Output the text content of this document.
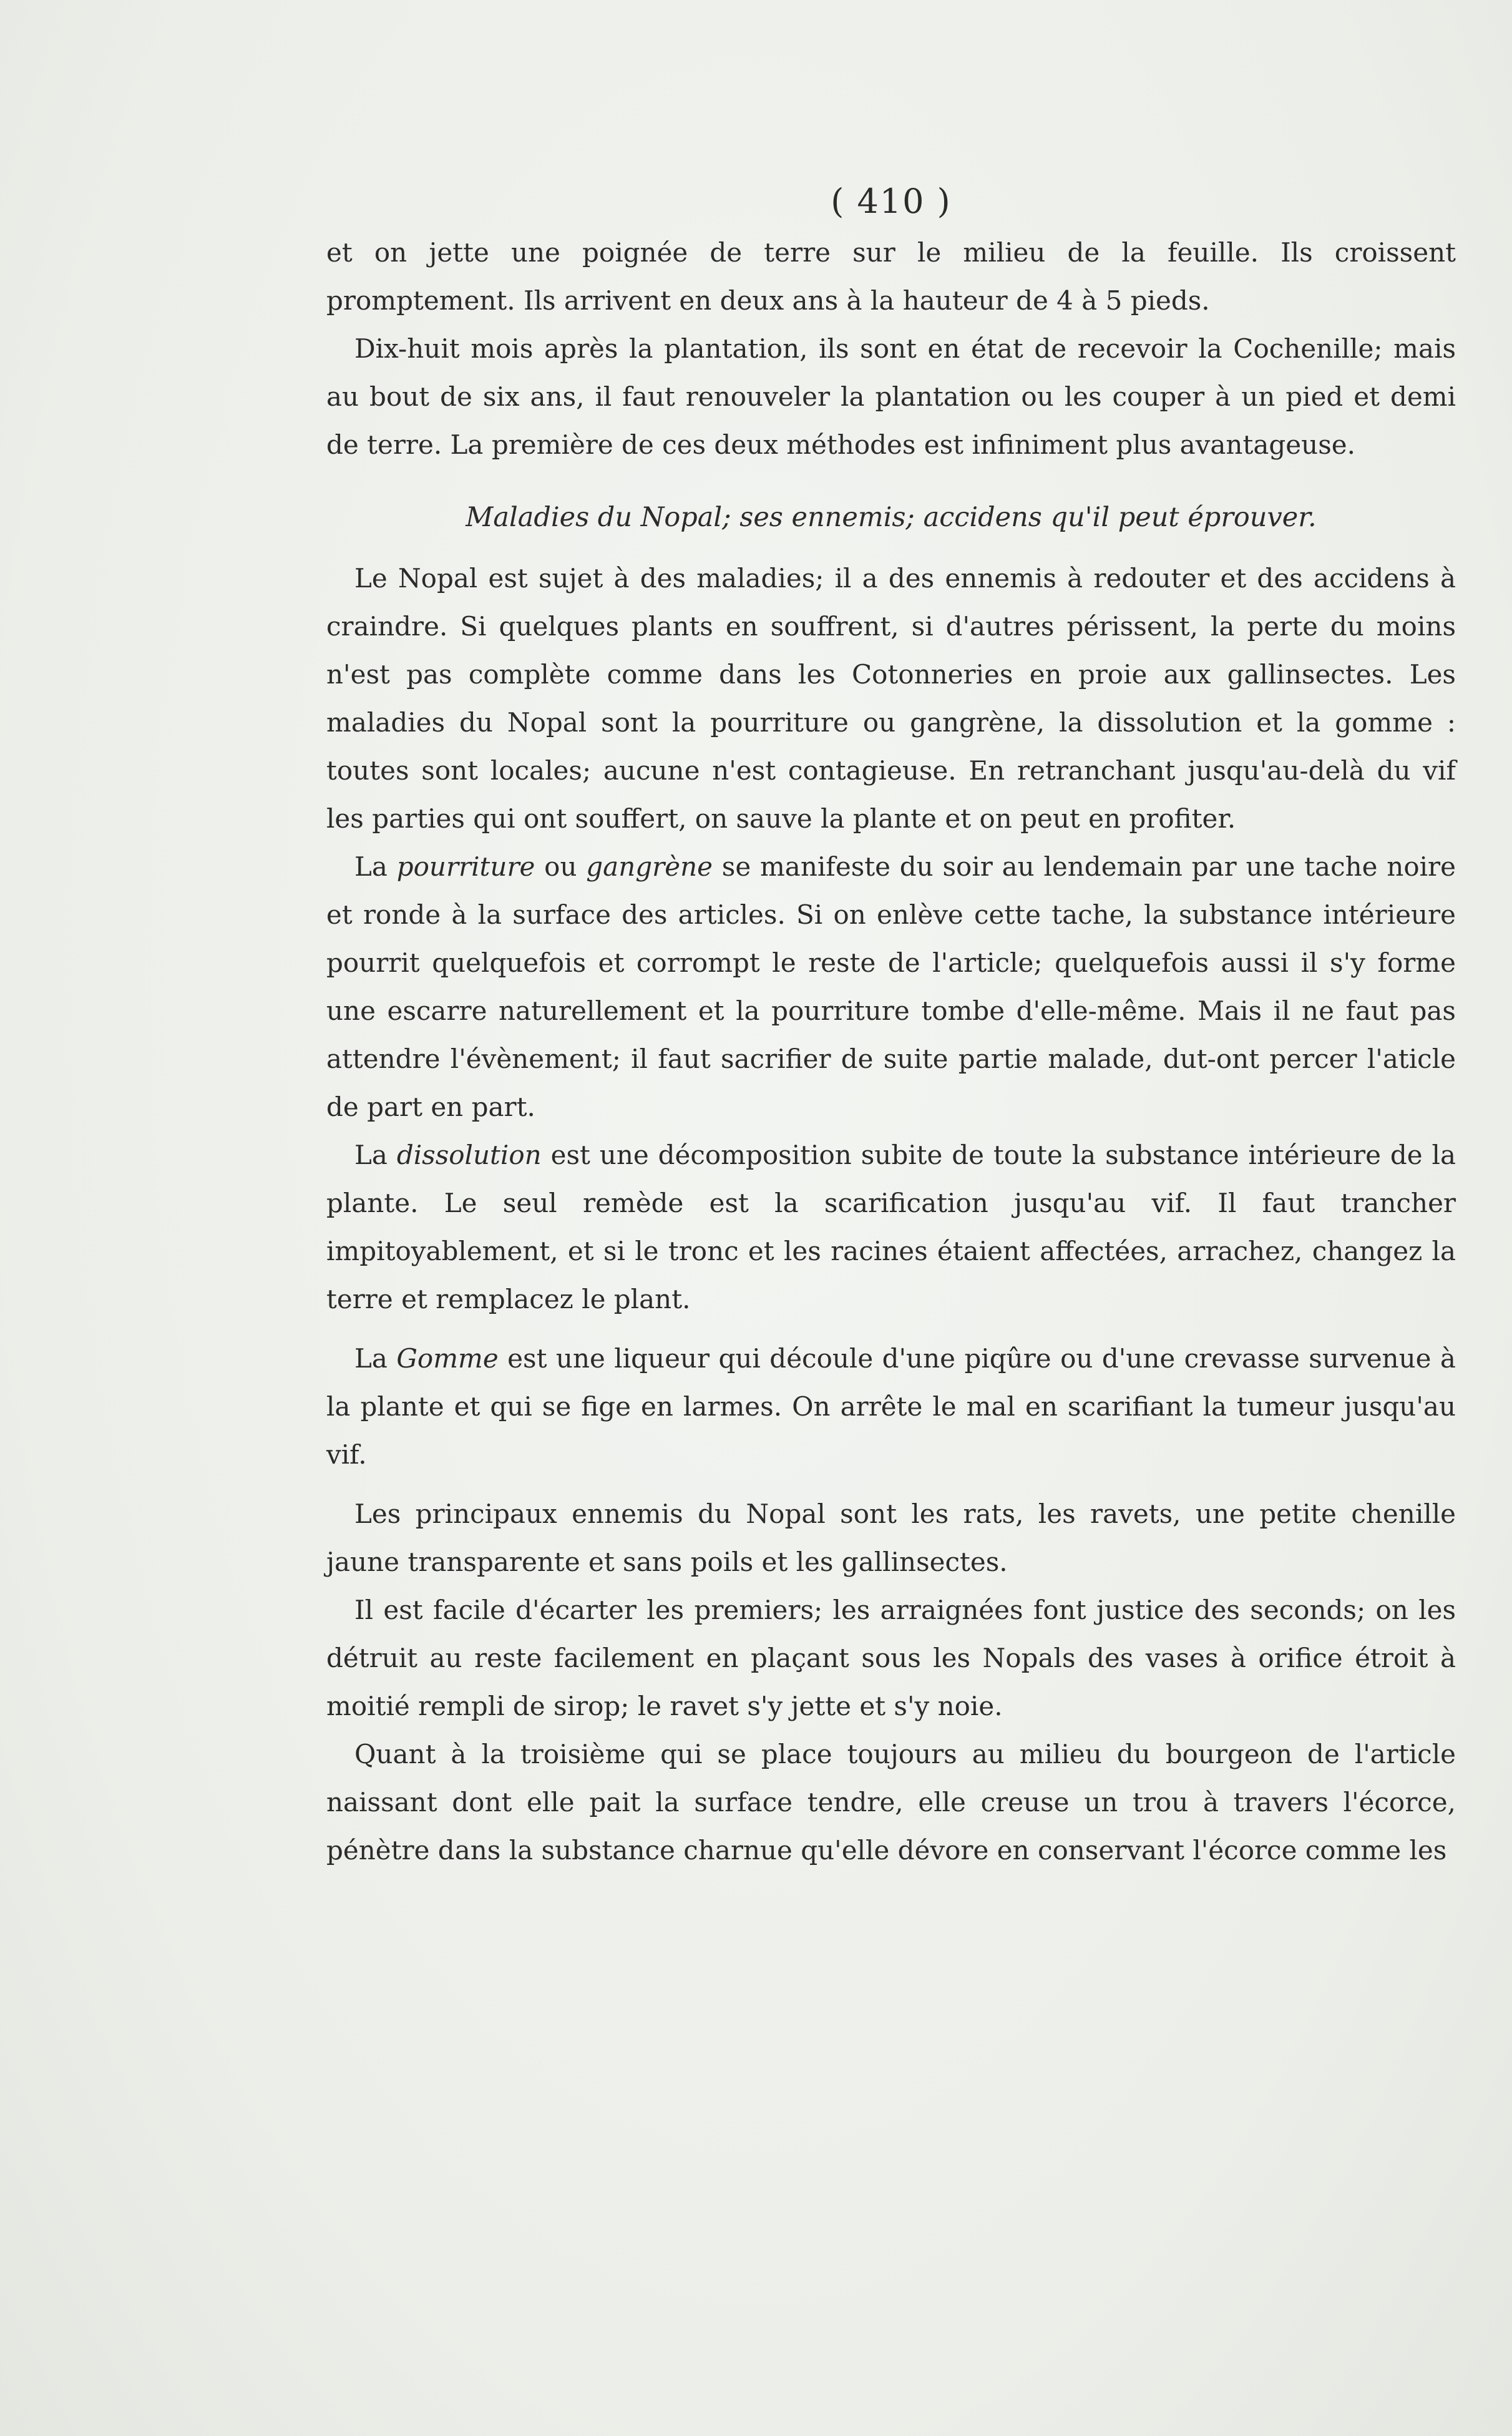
( 410 )

et on jette une poignée de terre sur le milieu de la feuille. Ils croissent promptement. Ils arrivent en deux ans à la hauteur de 4 à 5 pieds.

Dix-huit mois après la plantation, ils sont en état de recevoir la Cochenille; mais au bout de six ans, il faut renouveler la plantation ou les couper à un pied et demi de terre. La première de ces deux méthodes est infiniment plus avantageuse.

Maladies du Nopal; ses ennemis; accidens qu'il peut éprouver.

Le Nopal est sujet à des maladies; il a des ennemis à redouter et des accidens à craindre. Si quelques plants en souffrent, si d'autres périssent, la perte du moins n'est pas complète comme dans les Cotonneries en proie aux gallinsectes. Les maladies du Nopal sont la pourriture ou gangrène, la dissolution et la gomme : toutes sont locales; aucune n'est contagieuse. En retranchant jusqu'au-delà du vif les parties qui ont souffert, on sauve la plante et on peut en profiter.

La pourriture ou gangrène se manifeste du soir au lendemain par une tache noire et ronde à la surface des articles. Si on enlève cette tache, la substance intérieure pourrit quelquefois et corrompt le reste de l'article; quelquefois aussi il s'y forme une escarre naturellement et la pourriture tombe d'elle-même. Mais il ne faut pas attendre l'évènement; il faut sacrifier de suite partie malade, dut-ont percer l'aticle de part en part.

La dissolution est une décomposition subite de toute la substance intérieure de la plante. Le seul remède est la scarification jusqu'au vif. Il faut trancher impitoyablement, et si le tronc et les racines étaient affectées, arrachez, changez la terre et remplacez le plant.

La Gomme est une liqueur qui découle d'une piqûre ou d'une crevasse survenue à la plante et qui se fige en larmes. On arrête le mal en scarifiant la tumeur jusqu'au vif.

Les principaux ennemis du Nopal sont les rats, les ravets, une petite chenille jaune transparente et sans poils et les gallinsectes.

Il est facile d'écarter les premiers; les arraignées font justice des seconds; on les détruit au reste facilement en plaçant sous les Nopals des vases à orifice étroit à moitié rempli de sirop; le ravet s'y jette et s'y noie.

Quant à la troisième qui se place toujours au milieu du bourgeon de l'article naissant dont elle pait la surface tendre, elle creuse un trou à travers l'écorce, pénètre dans la substance charnue qu'elle dévore en conservant l'écorce comme les
